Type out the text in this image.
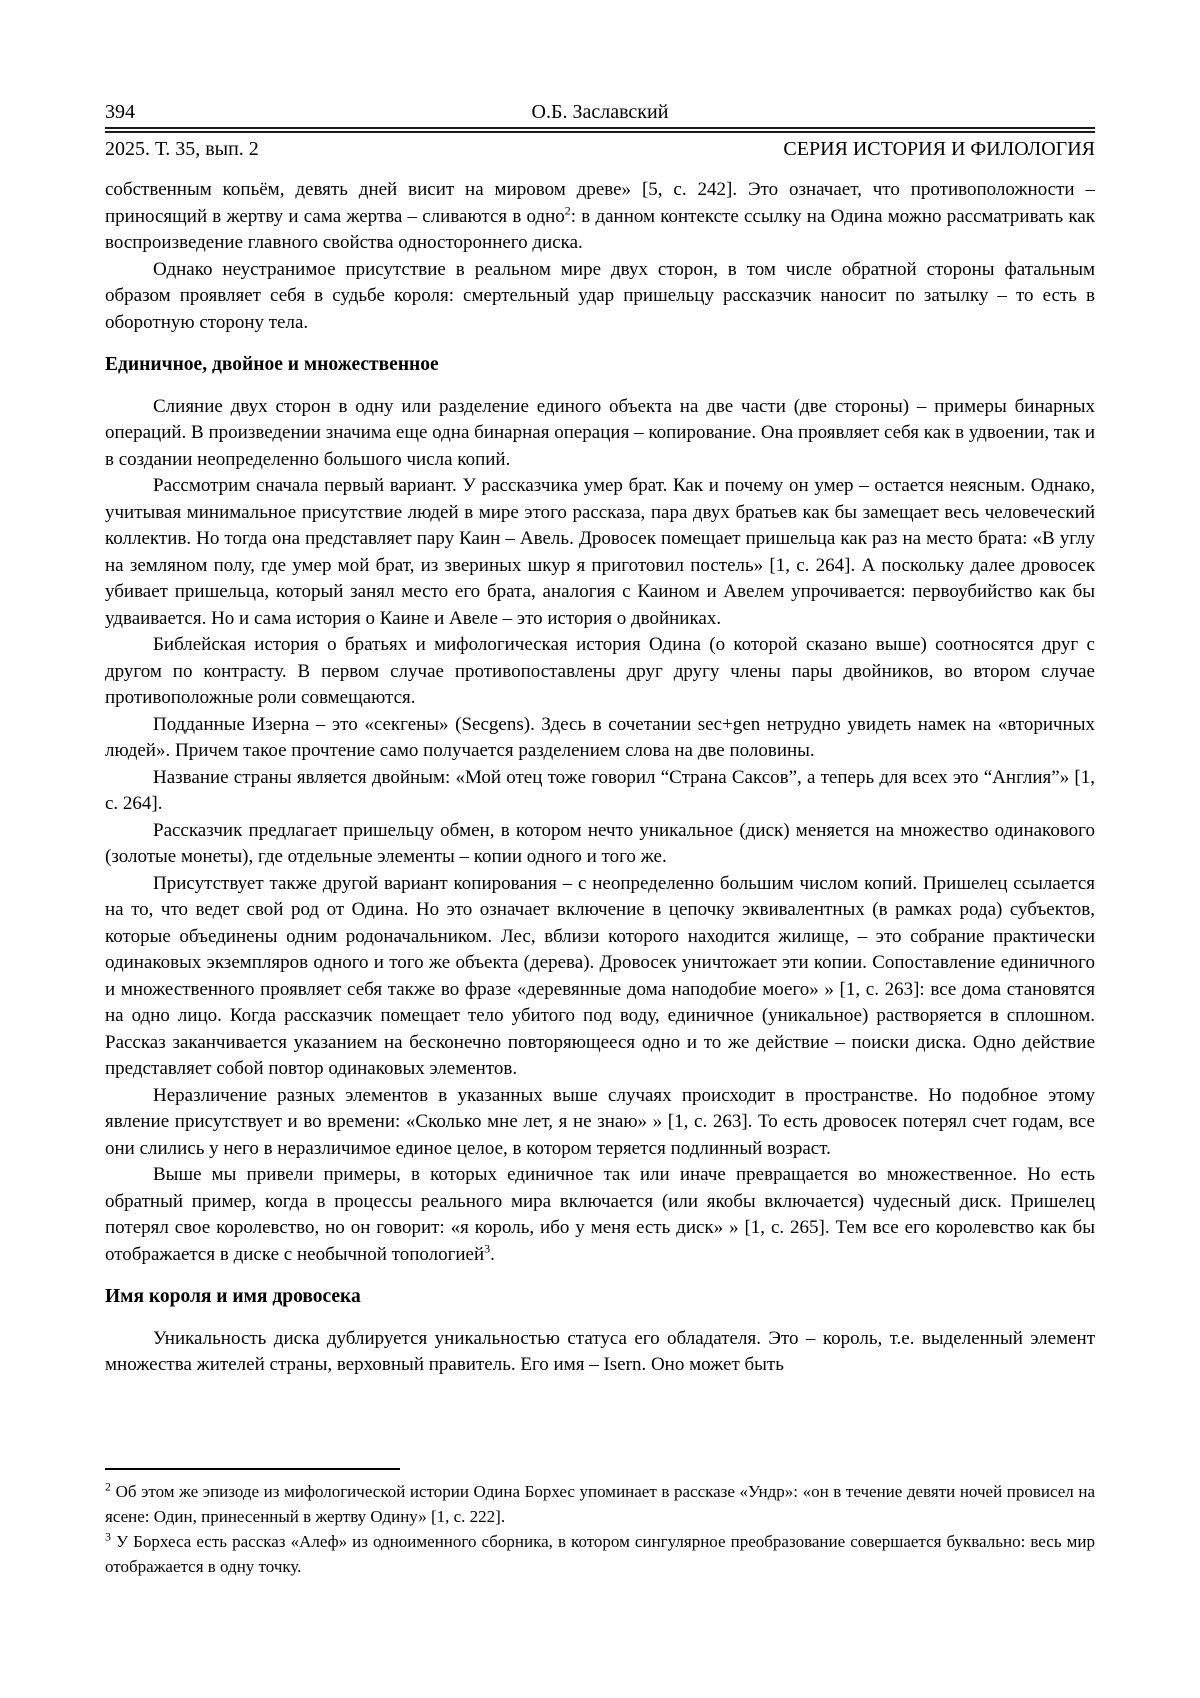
394	О.Б. Заславский
2025. Т. 35, вып. 2	СЕРИЯ ИСТОРИЯ И ФИЛОЛОГИЯ

собственным копьём, девять дней висит на мировом древе» [5, с. 242]. Это означает, что противоположности – приносящий в жертву и сама жертва – сливаются в одно$^2$: в данном контексте ссылку на Одина можно рассматривать как воспроизведение главного свойства одностороннего диска.

Однако неустранимое присутствие в реальном мире двух сторон, в том числе обратной стороны фатальным образом проявляет себя в судьбе короля: смертельный удар пришельцу рассказчик наносит по затылку – то есть в оборотную сторону тела.

Единичное, двойное и множественное

Слияние двух сторон в одну или разделение единого объекта на две части (две стороны) – примеры бинарных операций. В произведении значима еще одна бинарная операция – копирование. Она проявляет себя как в удвоении, так и в создании неопределенно большого числа копий.

Рассмотрим сначала первый вариант. У рассказчика умер брат. Как и почему он умер – остается неясным. Однако, учитывая минимальное присутствие людей в мире этого рассказа, пара двух братьев как бы замещает весь человеческий коллектив. Но тогда она представляет пару Каин – Авель. Дровосек помещает пришельца как раз на место брата: «В углу на земляном полу, где умер мой брат, из звериных шкур я приготовил постель» [1, с. 264]. А поскольку далее дровосек убивает пришельца, который занял место его брата, аналогия с Каином и Авелем упрочивается: первоубийство как бы удваивается. Но и сама история о Каине и Авеле – это история о двойниках.

Библейская история о братьях и мифологическая история Одина (о которой сказано выше) соотносятся друг с другом по контрасту. В первом случае противопоставлены друг другу члены пары двойников, во втором случае противоположные роли совмещаются.

Подданные Изерна – это «секгены» (Secgens). Здесь в сочетании sec+gen нетрудно увидеть намек на «вторичных людей». Причем такое прочтение само получается разделением слова на две половины.

Название страны является двойным: «Мой отец тоже говорил “Страна Саксов”, а теперь для всех это “Англия”» [1, с. 264].

Рассказчик предлагает пришельцу обмен, в котором нечто уникальное (диск) меняется на множество одинакового (золотые монеты), где отдельные элементы – копии одного и того же.

Присутствует также другой вариант копирования – с неопределенно большим числом копий. Пришелец ссылается на то, что ведет свой род от Одина. Но это означает включение в цепочку эквивалентных (в рамках рода) субъектов, которые объединены одним родоначальником. Лес, вблизи которого находится жилище, – это собрание практически одинаковых экземпляров одного и того же объекта (дерева). Дровосек уничтожает эти копии. Сопоставление единичного и множественного проявляет себя также во фразе «деревянные дома наподобие моего» » [1, с. 263]: все дома становятся на одно лицо. Когда рассказчик помещает тело убитого под воду, единичное (уникальное) растворяется в сплошном. Рассказ заканчивается указанием на бесконечно повторяющееся одно и то же действие – поиски диска. Одно действие представляет собой повтор одинаковых элементов.

Неразличение разных элементов в указанных выше случаях происходит в пространстве. Но подобное этому явление присутствует и во времени: «Сколько мне лет, я не знаю» » [1, с. 263]. То есть дровосек потерял счет годам, все они слились у него в неразличимое единое целое, в котором теряется подлинный возраст.

Выше мы привели примеры, в которых единичное так или иначе превращается во множественное. Но есть обратный пример, когда в процессы реального мира включается (или якобы включается) чудесный диск. Пришелец потерял свое королевство, но он говорит: «я король, ибо у меня есть диск» » [1, с. 265]. Тем все его королевство как бы отображается в диске с необычной топологией$^3$.

Имя короля и имя дровосека

Уникальность диска дублируется уникальностью статуса его обладателя. Это – король, т.е. выделенный элемент множества жителей страны, верховный правитель. Его имя – Isern. Оно может быть

$^2$ Об этом же эпизоде из мифологической истории Одина Борхес упоминает в рассказе «Ундр»: «он в течение девяти ночей провисел на ясене: Один, принесенный в жертву Одину» [1, с. 222].

$^3$ У Борхеса есть рассказ «Алеф» из одноименного сборника, в котором сингулярное преобразование совершается буквально: весь мир отображается в одну точку.
